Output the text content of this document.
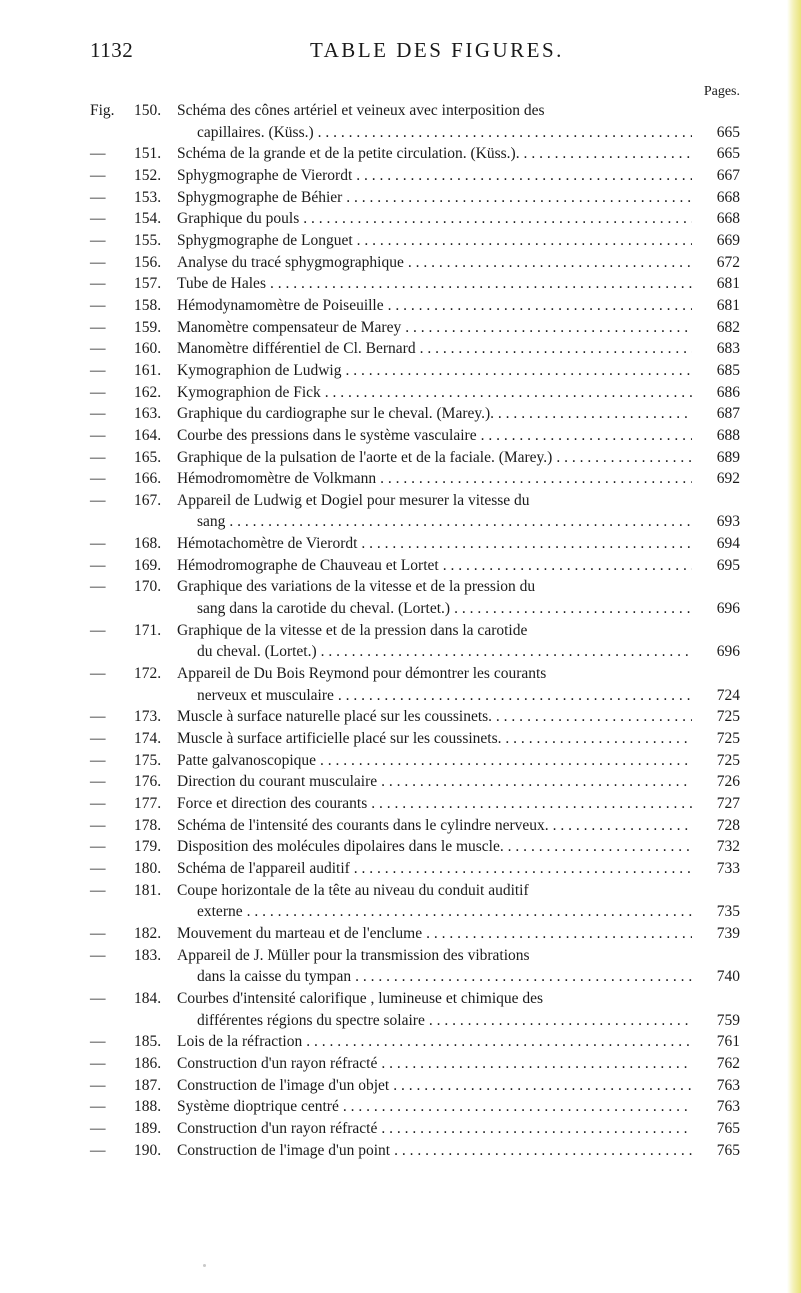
1132	TABLE DES FIGURES.
Pages.
Fig.	150.	Schéma des cônes artériel et veineux avec interposition des
capillaires. (Küss.) . . .	665
—	151.	Schéma de la grande et de la petite circulation. (Küss.). . . . .	665
—	152.	Sphygmographe de Vierordt . . .	667
—	153.	Sphygmographe de Béhier . . .	668
—	154.	Graphique du pouls . . .	668
—	155.	Sphygmographe de Longuet . . .	669
—	156.	Analyse du tracé sphygmographique . . .	672
—	157.	Tube de Hales . . .	681
—	158.	Hémodynamomètre de Poiseuille . . .	681
—	159.	Manomètre compensateur de Marey . . .	682
—	160.	Manomètre différentiel de Cl. Bernard . . .	683
—	161.	Kymographion de Ludwig . . .	685
—	162.	Kymographion de Fick . . .	686
—	163.	Graphique du cardiographe sur le cheval. (Marey.). . . . . . .	687
—	164.	Courbe des pressions dans le système vasculaire . . .	688
—	165.	Graphique de la pulsation de l'aorte et de la faciale. (Marey.) . . .	689
—	166.	Hémodromomètre de Volkmann . . .	692
—	167.	Appareil de Ludwig et Dogiel pour mesurer la vitesse du
sang . . .	693
—	168.	Hémotachomètre de Vierordt . . .	694
—	169.	Hémodromographe de Chauveau et Lortet . . .	695
—	170.	Graphique des variations de la vitesse et de la pression du
sang dans la carotide du cheval. (Lortet.) . . .	696
—	171.	Graphique de la vitesse et de la pression dans la carotide
du cheval. (Lortet.) . . .	696
—	172.	Appareil de Du Bois Reymond pour démontrer les courants
nerveux et musculaire . . .	724
—	173.	Muscle à surface naturelle placé sur les coussinets. . . . . . . .	725
—	174.	Muscle à surface artificielle placé sur les coussinets. . . . . . .	725
—	175.	Patte galvanoscopique . . .	725
—	176.	Direction du courant musculaire . . .	726
—	177.	Force et direction des courants . . .	727
—	178.	Schéma de l'intensité des courants dans le cylindre nerveux. . . .	728
—	179.	Disposition des molécules dipolaires dans le muscle. . . . . . .	732
—	180.	Schéma de l'appareil auditif . . .	733
—	181.	Coupe horizontale de la tête au niveau du conduit auditif
externe . . .	735
—	182.	Mouvement du marteau et de l'enclume . . .	739
—	183.	Appareil de J. Müller pour la transmission des vibrations
dans la caisse du tympan . . .	740
—	184.	Courbes d'intensité calorifique , lumineuse et chimique des
différentes régions du spectre solaire . . .	759
—	185.	Lois de la réfraction . . .	761
—	186.	Construction d'un rayon réfracté . . .	762
—	187.	Construction de l'image d'un objet . . .	763
—	188.	Système dioptrique centré . . .	763
—	189.	Construction d'un rayon réfracté . . .	765
—	190.	Construction de l'image d'un point . . .	765
